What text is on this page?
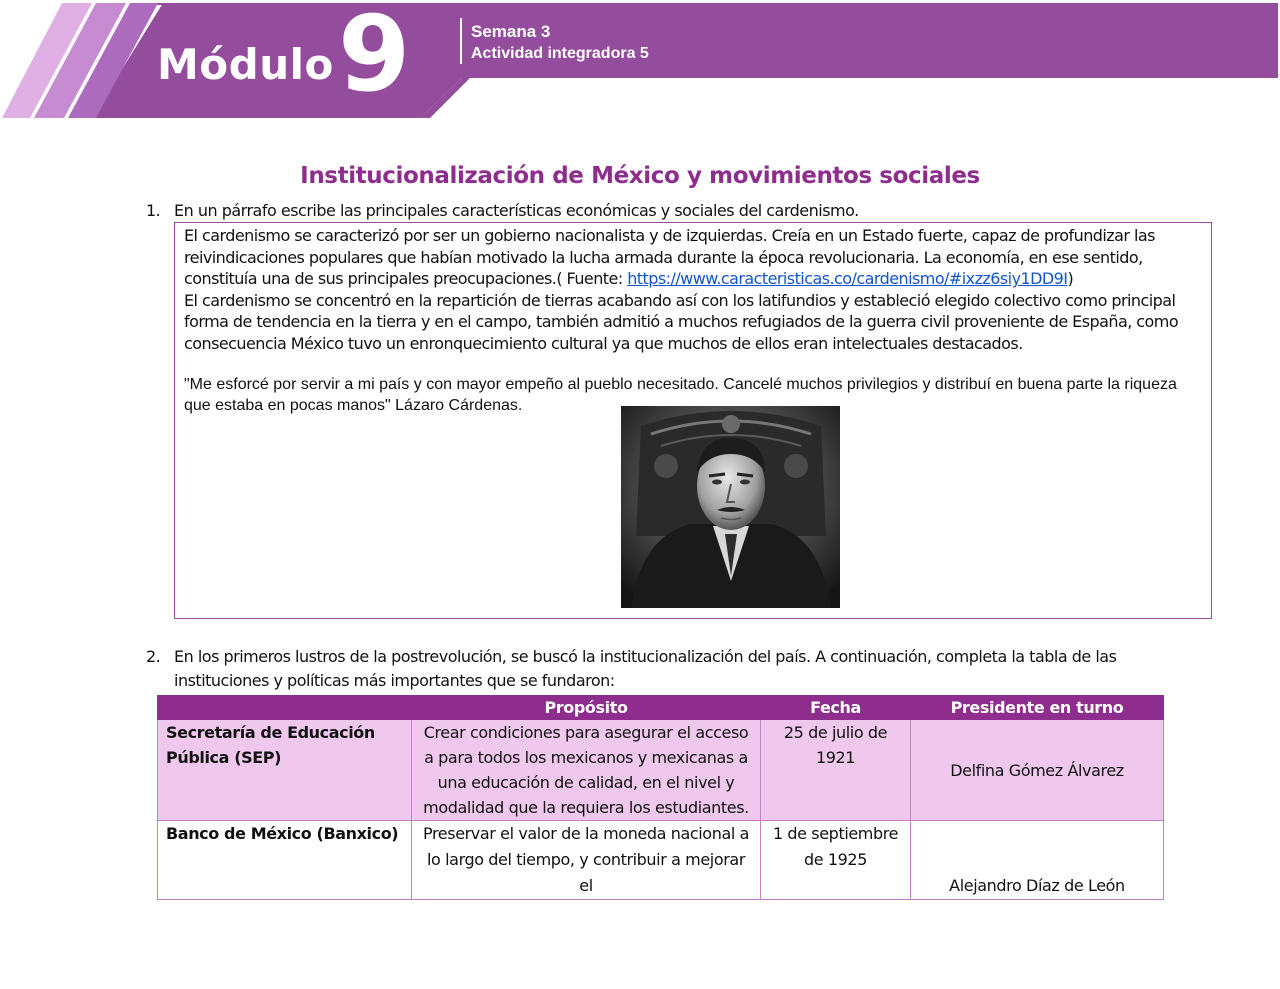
Módulo 9	Semana 3
Actividad integradora 5
Institucionalización de México y movimientos sociales
1. En un párrafo escribe las principales características económicas y sociales del cardenismo.

El cardenismo se caracterizó por ser un gobierno nacionalista y de izquierdas. Creía en un Estado fuerte, capaz de profundizar las reivindicaciones populares que habían motivado la lucha armada durante la época revolucionaria. La economía, en ese sentido, constituía una de sus principales preocupaciones.( Fuente: https://www.caracteristicas.co/cardenismo/#ixzz6siy1DD9I)

El cardenismo se concentró en la repartición de tierras acabando así con los latifundios y estableció elegido colectivo como principal forma de tendencia en la tierra y en el campo, también admitió a muchos refugiados de la guerra civil proveniente de España, como consecuencia México tuvo un enronquecimiento cultural ya que muchos de ellos eran intelectuales destacados.

"Me esforcé por servir a mi país y con mayor empeño al pueblo necesitado. Cancelé muchos privilegios y distribuí en buena parte la riqueza que estaba en pocas manos" Lázaro Cárdenas.
2. En los primeros lustros de la postrevolución, se buscó la institucionalización del país. A continuación, completa la tabla de las
instituciones y políticas más importantes que se fundaron:
	Propósito	Fecha	Presidente en turno
Secretaría de Educación Pública (SEP)	Crear condiciones para asegurar el acceso a para todos los mexicanos y mexicanas a una educación de calidad, en el nivel y modalidad que la requiera los estudiantes.	25 de julio de 1921	Delfina Gómez Álvarez
Banco de México (Banxico)	Preservar el valor de la moneda nacional a lo largo del tiempo, y contribuir a mejorar el	1 de septiembre de 1925	Alejandro Díaz de León
